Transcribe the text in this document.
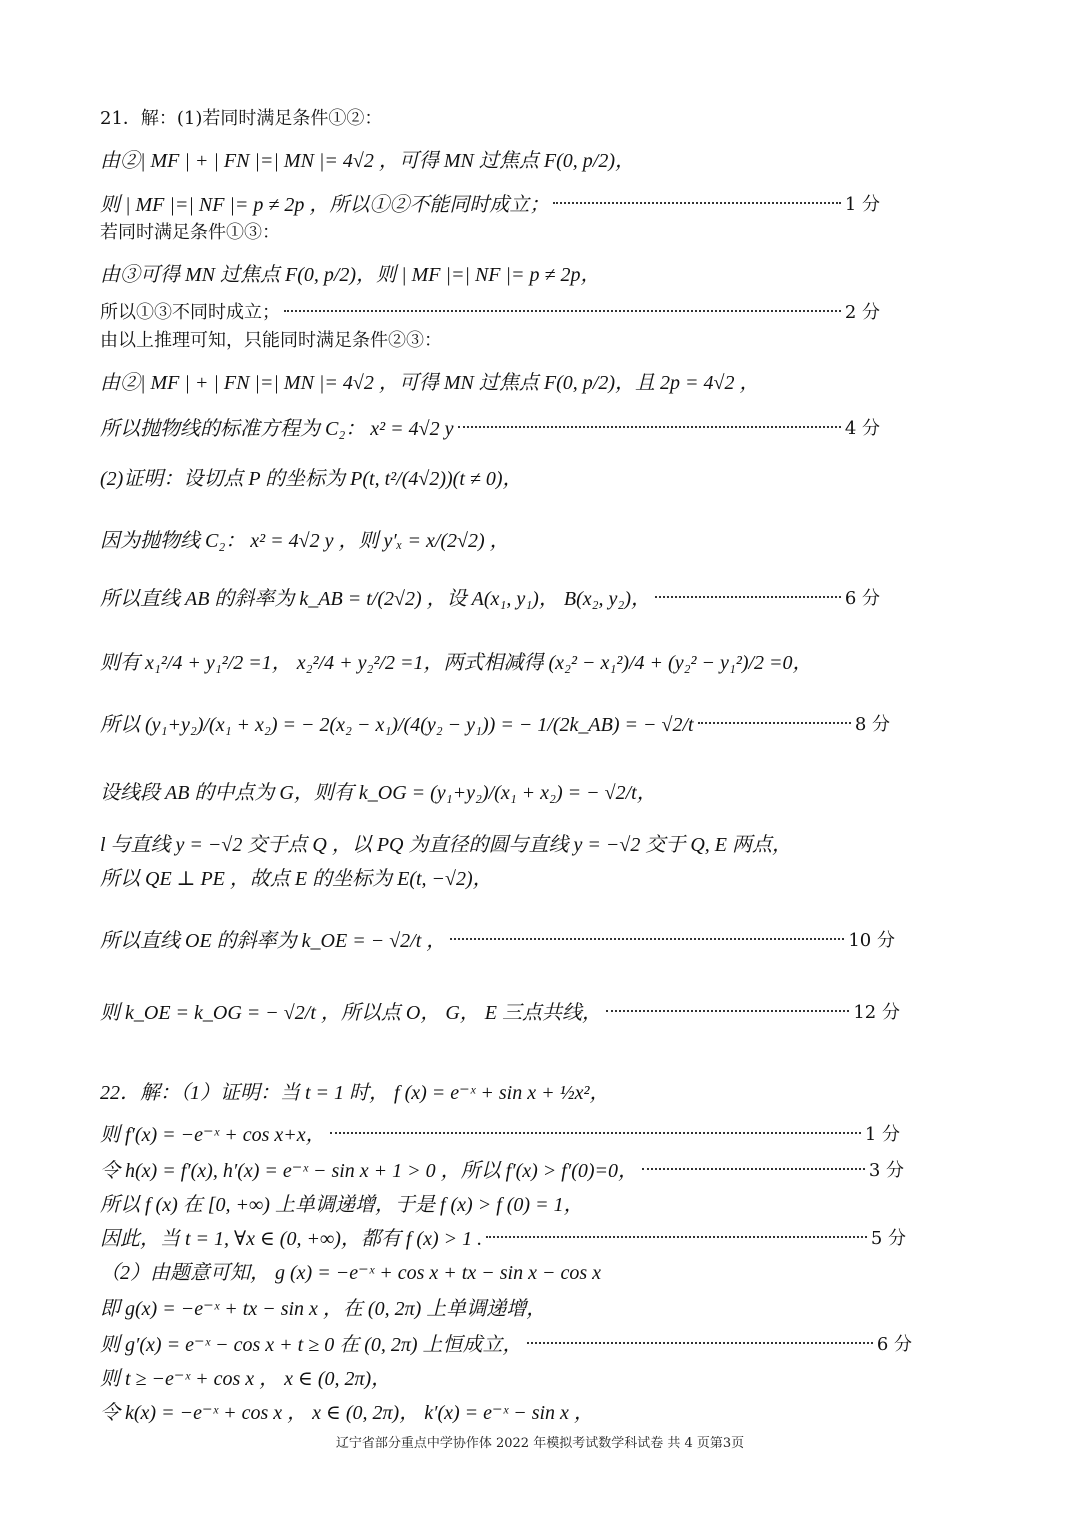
21．解：(1)若同时满足条件①②：
由②| MF | + | FN |=| MN |= 4√2 ，可得 MN 过焦点 F(0, p/2)，
则 | MF |=| NF |= p ≠ 2p ，所以①②不能同时成立；	1 分
若同时满足条件①③：
由③可得 MN 过焦点 F(0, p/2)，则 | MF |=| NF |= p ≠ 2p，
所以①③不同时成立；	2 分
由以上推理可知，只能同时满足条件②③：
由②| MF | + | FN |=| MN |= 4√2 ，可得 MN 过焦点 F(0, p/2)，且 2p = 4√2 ，
所以抛物线的标准方程为 C₂： x² = 4√2 y	4 分
(2)证明：设切点 P 的坐标为 P(t, t²/(4√2))(t ≠ 0)，
因为抛物线 C₂： x² = 4√2 y ，则 y′ₓ = x/(2√2) ，
所以直线 AB 的斜率为 k_AB = t/(2√2) ，设 A(x₁, y₁)， B(x₂, y₂)，	6 分
则有 x₁²/4 + y₁²/2 =1， x₂²/4 + y₂²/2 =1，两式相减得 (x₂² − x₁²)/4 + (y₂² − y₁²)/2 =0，
所以 (y₁+y₂)/(x₁ + x₂) = − 2(x₂ − x₁)/(4(y₂ − y₁)) = − 1/(2k_AB) = − √2/t	8 分
设线段 AB 的中点为 G，则有 k_OG = (y₁+y₂)/(x₁ + x₂) = − √2/t，
l 与直线 y = −√2 交于点 Q ，以 PQ 为直径的圆与直线 y = −√2 交于 Q, E 两点，
所以 QE ⊥ PE ，故点 E 的坐标为 E(t, −√2)，
所以直线 OE 的斜率为 k_OE = − √2/t ，	10 分
则 k_OE = k_OG = − √2/t ，所以点 O， G， E 三点共线，	12 分
22．解：（1）证明：当 t = 1 时， f (x) = e⁻ˣ + sin x + ½x²，
则 f′(x) = −e⁻ˣ + cos x+x，	1 分
令 h(x) = f′(x), h′(x) = e⁻ˣ − sin x + 1 > 0 ，所以 f′(x) > f′(0)=0，	3 分
所以 f (x) 在 [0, +∞) 上单调递增，于是 f (x) > f (0) = 1，
因此，当 t = 1, ∀x ∈ (0, +∞)，都有 f (x) > 1 .	5 分
（2）由题意可知， g (x) = −e⁻ˣ + cos x + tx − sin x − cos x
即 g(x) = −e⁻ˣ + tx − sin x ，在 (0, 2π) 上单调递增，
则 g′(x) = e⁻ˣ − cos x + t ≥ 0 在 (0, 2π) 上恒成立，	6 分
则 t ≥ −e⁻ˣ + cos x ， x ∈ (0, 2π)，
令 k(x) = −e⁻ˣ + cos x ， x ∈ (0, 2π)， k′(x) = e⁻ˣ − sin x ，
辽宁省部分重点中学协作体 2022 年模拟考试数学科试卷 共 4 页第3页
